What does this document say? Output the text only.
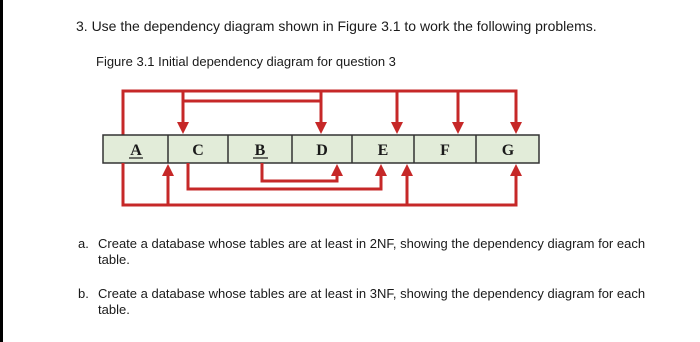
3. Use the dependency diagram shown in Figure 3.1 to work the following problems.
Figure 3.1 Initial dependency diagram for question 3
A	C	B	D	E	F	G
a. Create a database whose tables are at least in 2NF, showing the dependency diagram for each table.
b. Create a database whose tables are at least in 3NF, showing the dependency diagram for each table.
